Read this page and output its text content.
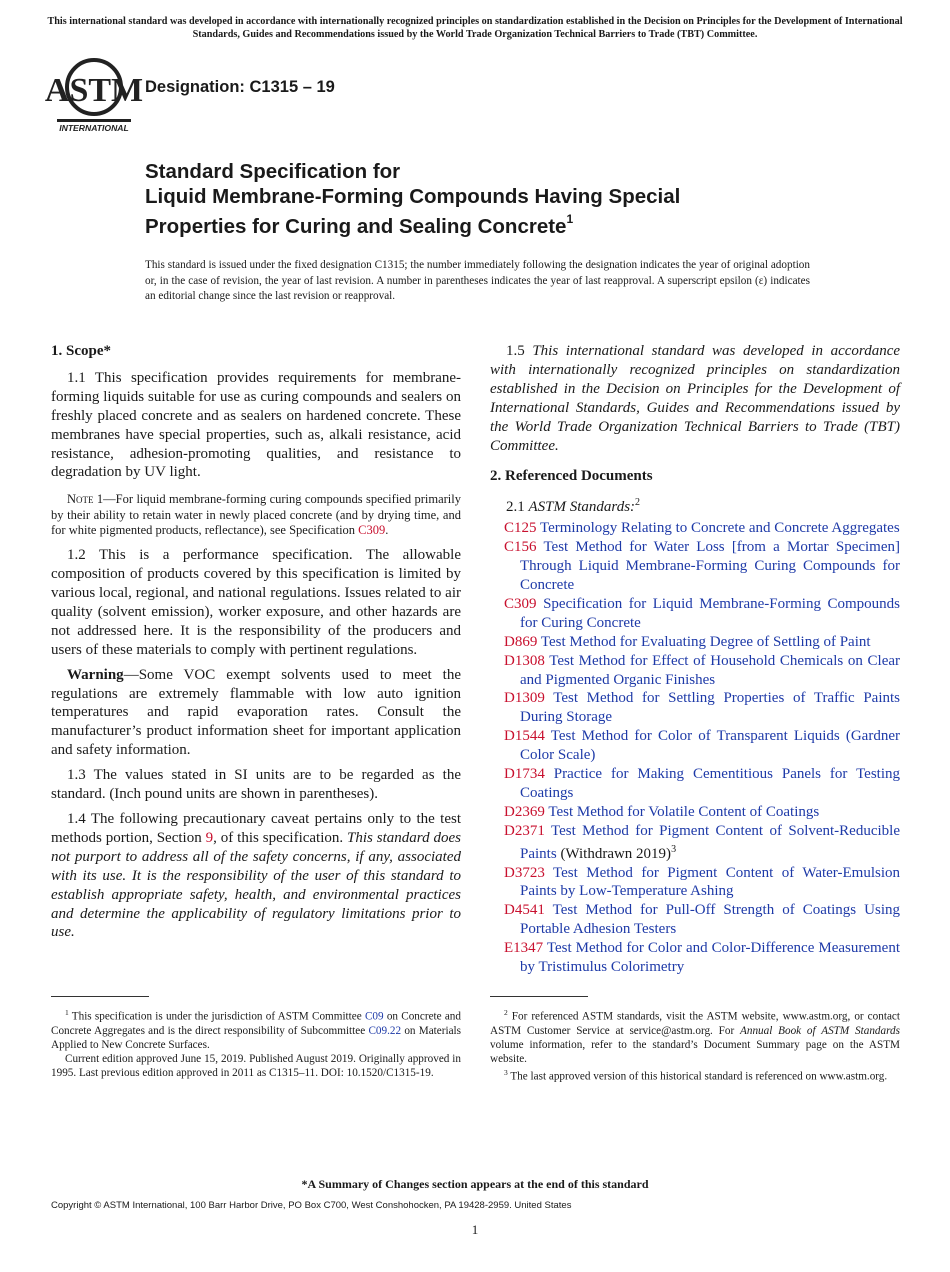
This international standard was developed in accordance with internationally recognized principles on standardization established in the Decision on Principles for the Development of International Standards, Guides and Recommendations issued by the World Trade Organization Technical Barriers to Trade (TBT) Committee.
ASTM
INTERNATIONAL
Designation: C1315 – 19
Standard Specification for
Liquid Membrane-Forming Compounds Having Special
Properties for Curing and Sealing Concrete$^1$
This standard is issued under the fixed designation C1315; the number immediately following the designation indicates the year of original adoption or, in the case of revision, the year of last revision. A number in parentheses indicates the year of last reapproval. A superscript epsilon (ε) indicates an editorial change since the last revision or reapproval.
1. Scope*

1.1 This specification provides requirements for membrane-forming liquids suitable for use as curing compounds and sealers on freshly placed concrete and as sealers on hardened concrete. These membranes have special properties, such as, alkali resistance, acid resistance, adhesion-promoting qualities, and resistance to degradation by UV light.

Note 1—For liquid membrane-forming curing compounds specified primarily by their ability to retain water in newly placed concrete (and by drying time, and for white pigmented products, reflectance), see Specification C309.

1.2 This is a performance specification. The allowable composition of products covered by this specification is limited by various local, regional, and national regulations. Issues related to air quality (solvent emission), worker exposure, and other hazards are not addressed here. It is the responsibility of the producers and users of these materials to comply with pertinent regulations.

Warning—Some VOC exempt solvents used to meet the regulations are extremely flammable with low auto ignition temperatures and rapid evaporation rates. Consult the manufacturer’s product information sheet for important application and safety information.

1.3 The values stated in SI units are to be regarded as the standard. (Inch pound units are shown in parentheses).

1.4 The following precautionary caveat pertains only to the test methods portion, Section 9, of this specification. This standard does not purport to address all of the safety concerns, if any, associated with its use. It is the responsibility of the user of this standard to establish appropriate safety, health, and environmental practices and determine the applicability of regulatory limitations prior to use.

1.5 This international standard was developed in accordance with internationally recognized principles on standardization established in the Decision on Principles for the Development of International Standards, Guides and Recommendations issued by the World Trade Organization Technical Barriers to Trade (TBT) Committee.

2. Referenced Documents

2.1 ASTM Standards:$^2$

C125 Terminology Relating to Concrete and Concrete Aggregates

C156 Test Method for Water Loss [from a Mortar Specimen] Through Liquid Membrane-Forming Curing Compounds for Concrete

C309 Specification for Liquid Membrane-Forming Compounds for Curing Concrete

D869 Test Method for Evaluating Degree of Settling of Paint

D1308 Test Method for Effect of Household Chemicals on Clear and Pigmented Organic Finishes

D1309 Test Method for Settling Properties of Traffic Paints During Storage

D1544 Test Method for Color of Transparent Liquids (Gardner Color Scale)

D1734 Practice for Making Cementitious Panels for Testing Coatings

D2369 Test Method for Volatile Content of Coatings

D2371 Test Method for Pigment Content of Solvent-Reducible Paints (Withdrawn 2019)$^3$

D3723 Test Method for Pigment Content of Water-Emulsion Paints by Low-Temperature Ashing

D4541 Test Method for Pull-Off Strength of Coatings Using Portable Adhesion Testers

E1347 Test Method for Color and Color-Difference Measurement by Tristimulus Colorimetry

$^1$ This specification is under the jurisdiction of ASTM Committee C09 on Concrete and Concrete Aggregates and is the direct responsibility of Subcommittee C09.22 on Materials Applied to New Concrete Surfaces.

Current edition approved June 15, 2019. Published August 2019. Originally approved in 1995. Last previous edition approved in 2011 as C1315–11. DOI: 10.1520/C1315-19.

$^2$ For referenced ASTM standards, visit the ASTM website, www.astm.org, or contact ASTM Customer Service at service@astm.org. For Annual Book of ASTM Standards volume information, refer to the standard’s Document Summary page on the ASTM website.

$^3$ The last approved version of this historical standard is referenced on www.astm.org.

*A Summary of Changes section appears at the end of this standard
Copyright © ASTM International, 100 Barr Harbor Drive, PO Box C700, West Conshohocken, PA 19428-2959. United States
1
